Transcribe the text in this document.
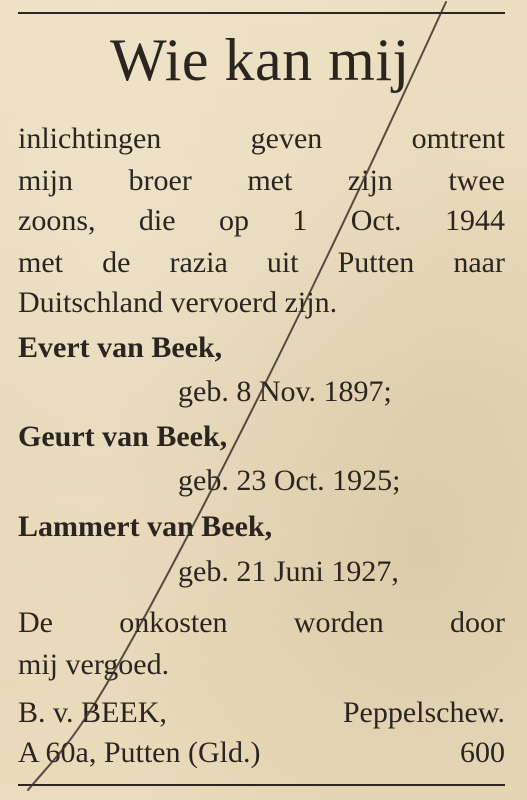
Wie kan mij
inlichtingen	geven	omtrent
mijn broer met zijn twee
zoons, die op 1 Oct. 1944
met de razia uit Putten naar
Duitschland vervoerd zijn.
Evert van Beek,
geb. 8 Nov. 1897;
Geurt van Beek,
geb. 23 Oct. 1925;
Lammert van Beek,
geb. 21 Juni 1927,
De onkosten worden door
mij vergoed.
B. v. BEEK,	Peppelschew.
A 60a, Putten (Gld.)	600
